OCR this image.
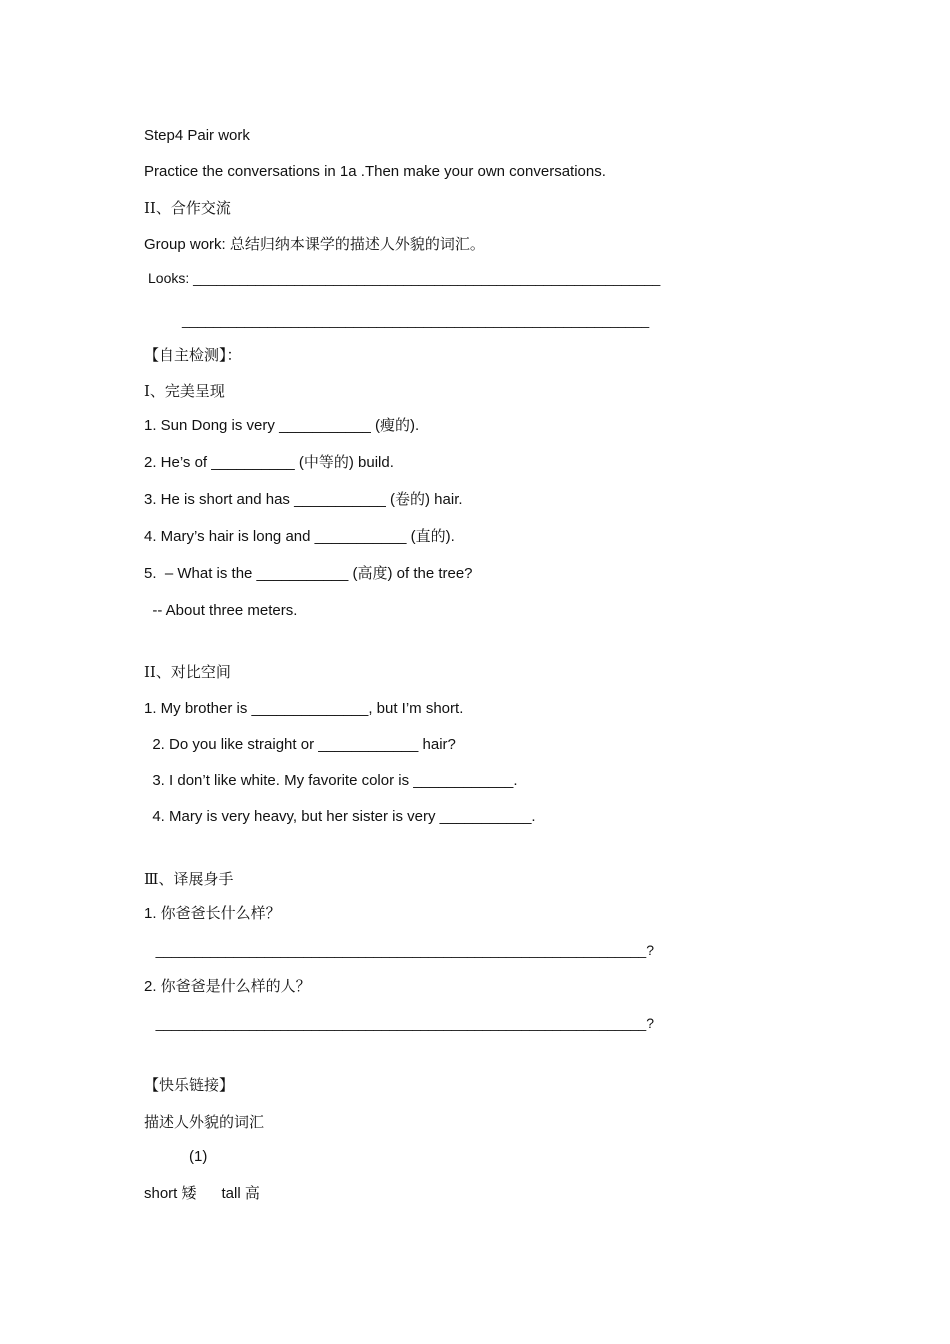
Step4 Pair work
Practice the conversations in 1a .Then make your own conversations.
II、合作交流
Group work: 总结归纳本课学的描述人外貌的词汇。
Looks: ____________________________________________________________
____________________________________________________________
【自主检测】：
Ⅰ、完美呈现
1. Sun Dong is very ___________ (瘦的).
2. He’s of __________ (中等的) build.
3. He is short and has ___________ (卷的) hair.
4. Mary’s hair is long and ___________ (直的).
5.  – What is the ___________ (高度) of the tree?
-- About three meters.
II、对比空间
1. My brother is ______________, but I’m short.
2. Do you like straight or ____________ hair?
3. I don’t like white. My favorite color is ____________.
4. Mary is very heavy, but her sister is very ___________.
Ⅲ、译展身手
1. 你爸爸长什么样？
_______________________________________________________________?
2. 你爸爸是什么样的人？
_______________________________________________________________?
【快乐链接】
描述人外貌的词汇
(1)
short 矮      tall 高
